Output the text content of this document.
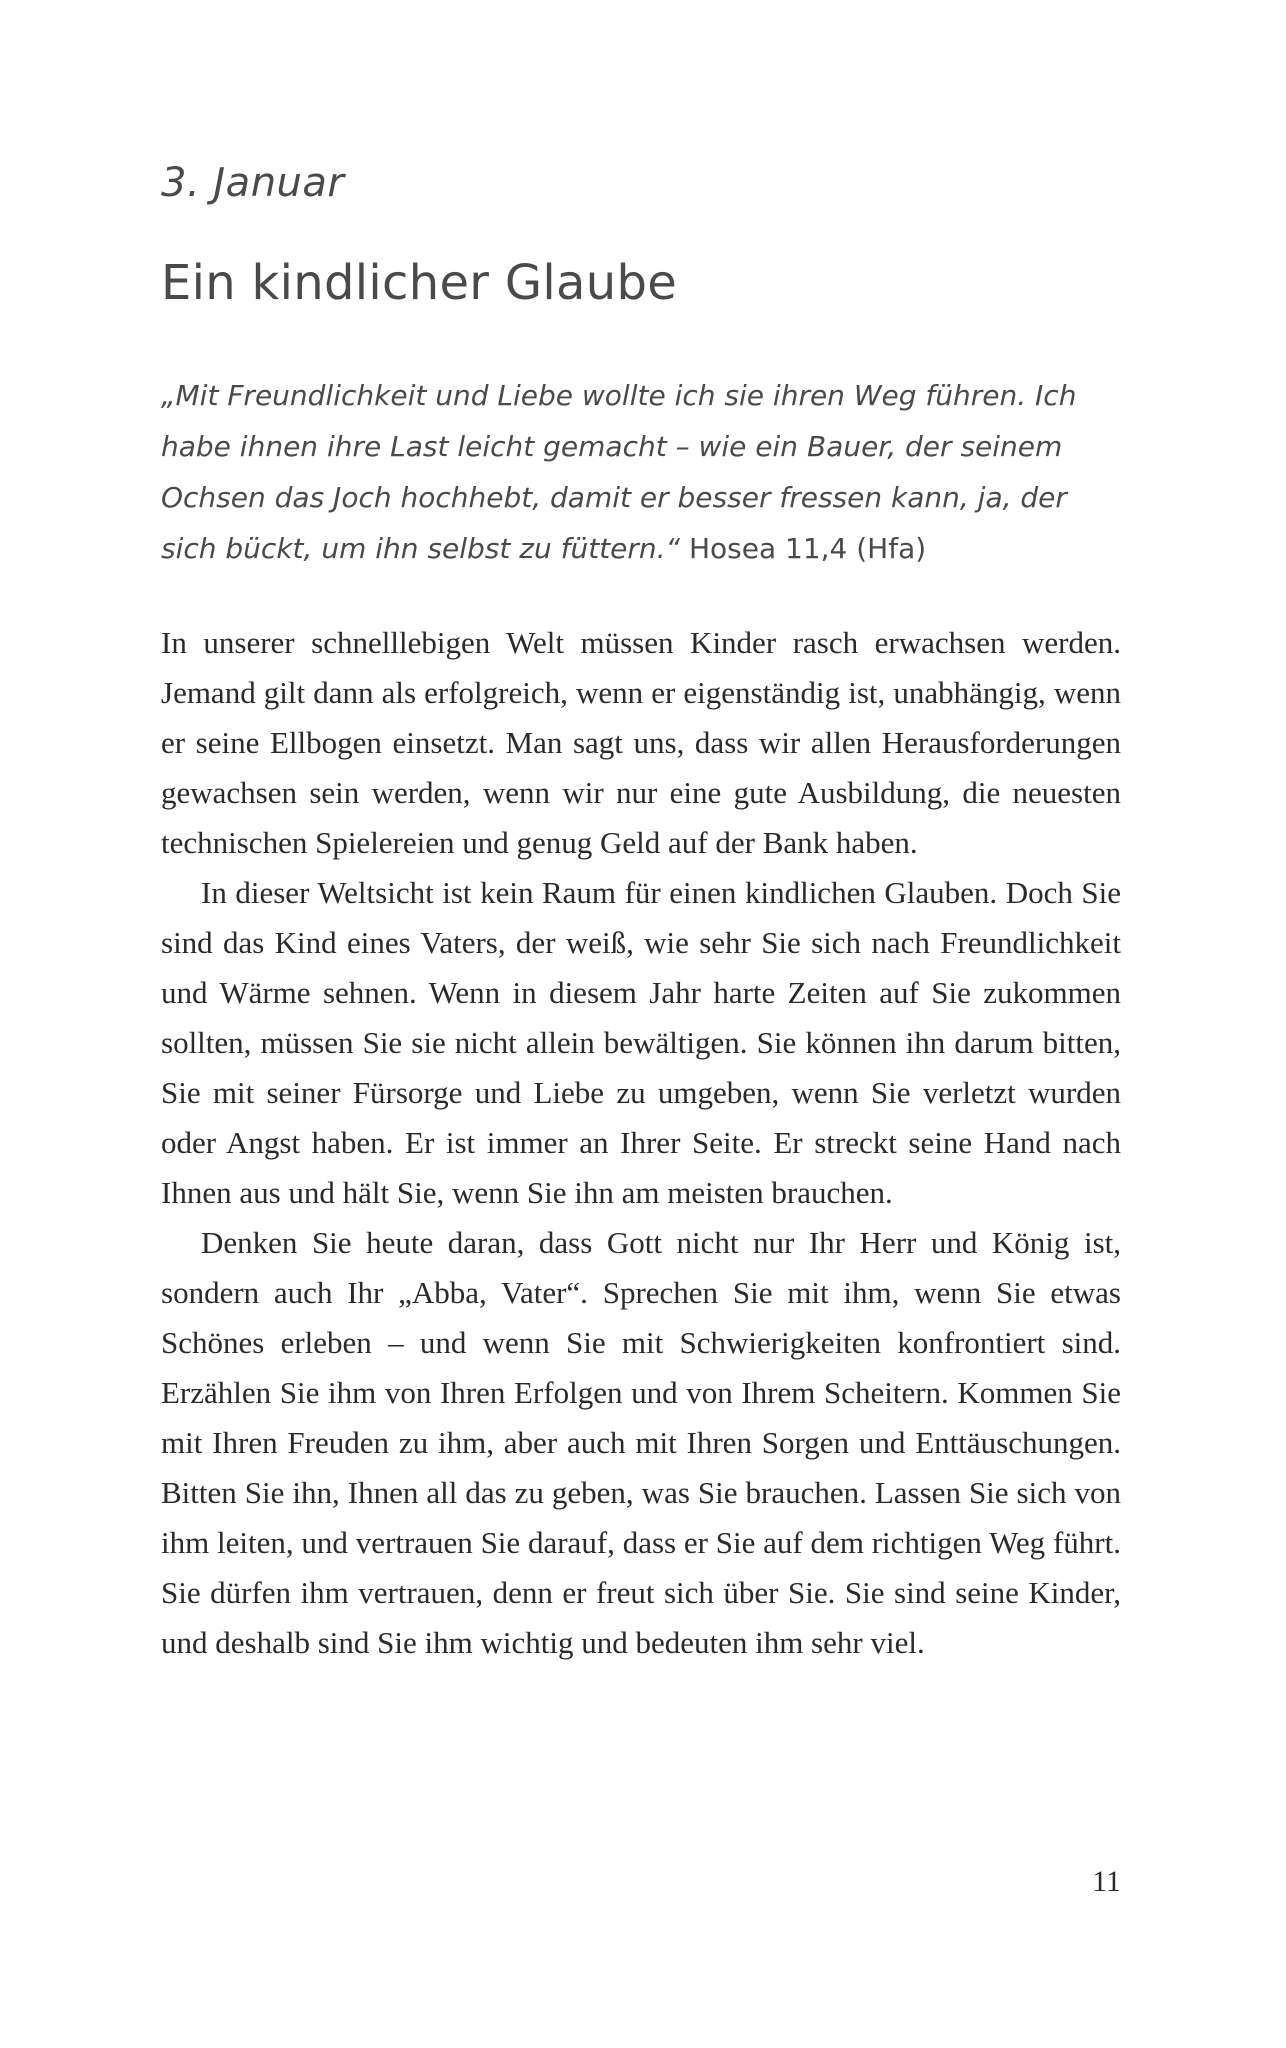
3. Januar
Ein kindlicher Glaube

„Mit Freundlichkeit und Liebe wollte ich sie ihren Weg führen. Ich habe ihnen ihre Last leicht gemacht – wie ein Bauer, der seinem Ochsen das Joch hochhebt, damit er besser fressen kann, ja, der sich bückt, um ihn selbst zu füttern.“ Hosea 11,4 (Hfa)

In unserer schnelllebigen Welt müssen Kinder rasch erwachsen werden. Jemand gilt dann als erfolgreich, wenn er eigenständig ist, unabhängig, wenn er seine Ellbogen einsetzt. Man sagt uns, dass wir allen Herausforderungen gewachsen sein werden, wenn wir nur eine gute Ausbildung, die neuesten technischen Spielereien und genug Geld auf der Bank haben.

In dieser Weltsicht ist kein Raum für einen kindlichen Glauben. Doch Sie sind das Kind eines Vaters, der weiß, wie sehr Sie sich nach Freundlichkeit und Wärme sehnen. Wenn in diesem Jahr harte Zeiten auf Sie zukommen sollten, müssen Sie sie nicht allein bewältigen. Sie können ihn darum bitten, Sie mit seiner Fürsorge und Liebe zu umgeben, wenn Sie verletzt wurden oder Angst haben. Er ist immer an Ihrer Seite. Er streckt seine Hand nach Ihnen aus und hält Sie, wenn Sie ihn am meisten brauchen.

Denken Sie heute daran, dass Gott nicht nur Ihr Herr und König ist, sondern auch Ihr „Abba, Vater“. Sprechen Sie mit ihm, wenn Sie etwas Schönes erleben – und wenn Sie mit Schwierigkeiten konfrontiert sind. Erzählen Sie ihm von Ihren Erfolgen und von Ihrem Scheitern. Kommen Sie mit Ihren Freuden zu ihm, aber auch mit Ihren Sorgen und Enttäuschungen. Bitten Sie ihn, Ihnen all das zu geben, was Sie brauchen. Lassen Sie sich von ihm leiten, und vertrauen Sie darauf, dass er Sie auf dem richtigen Weg führt. Sie dürfen ihm vertrauen, denn er freut sich über Sie. Sie sind seine Kinder, und deshalb sind Sie ihm wichtig und bedeuten ihm sehr viel.

11
